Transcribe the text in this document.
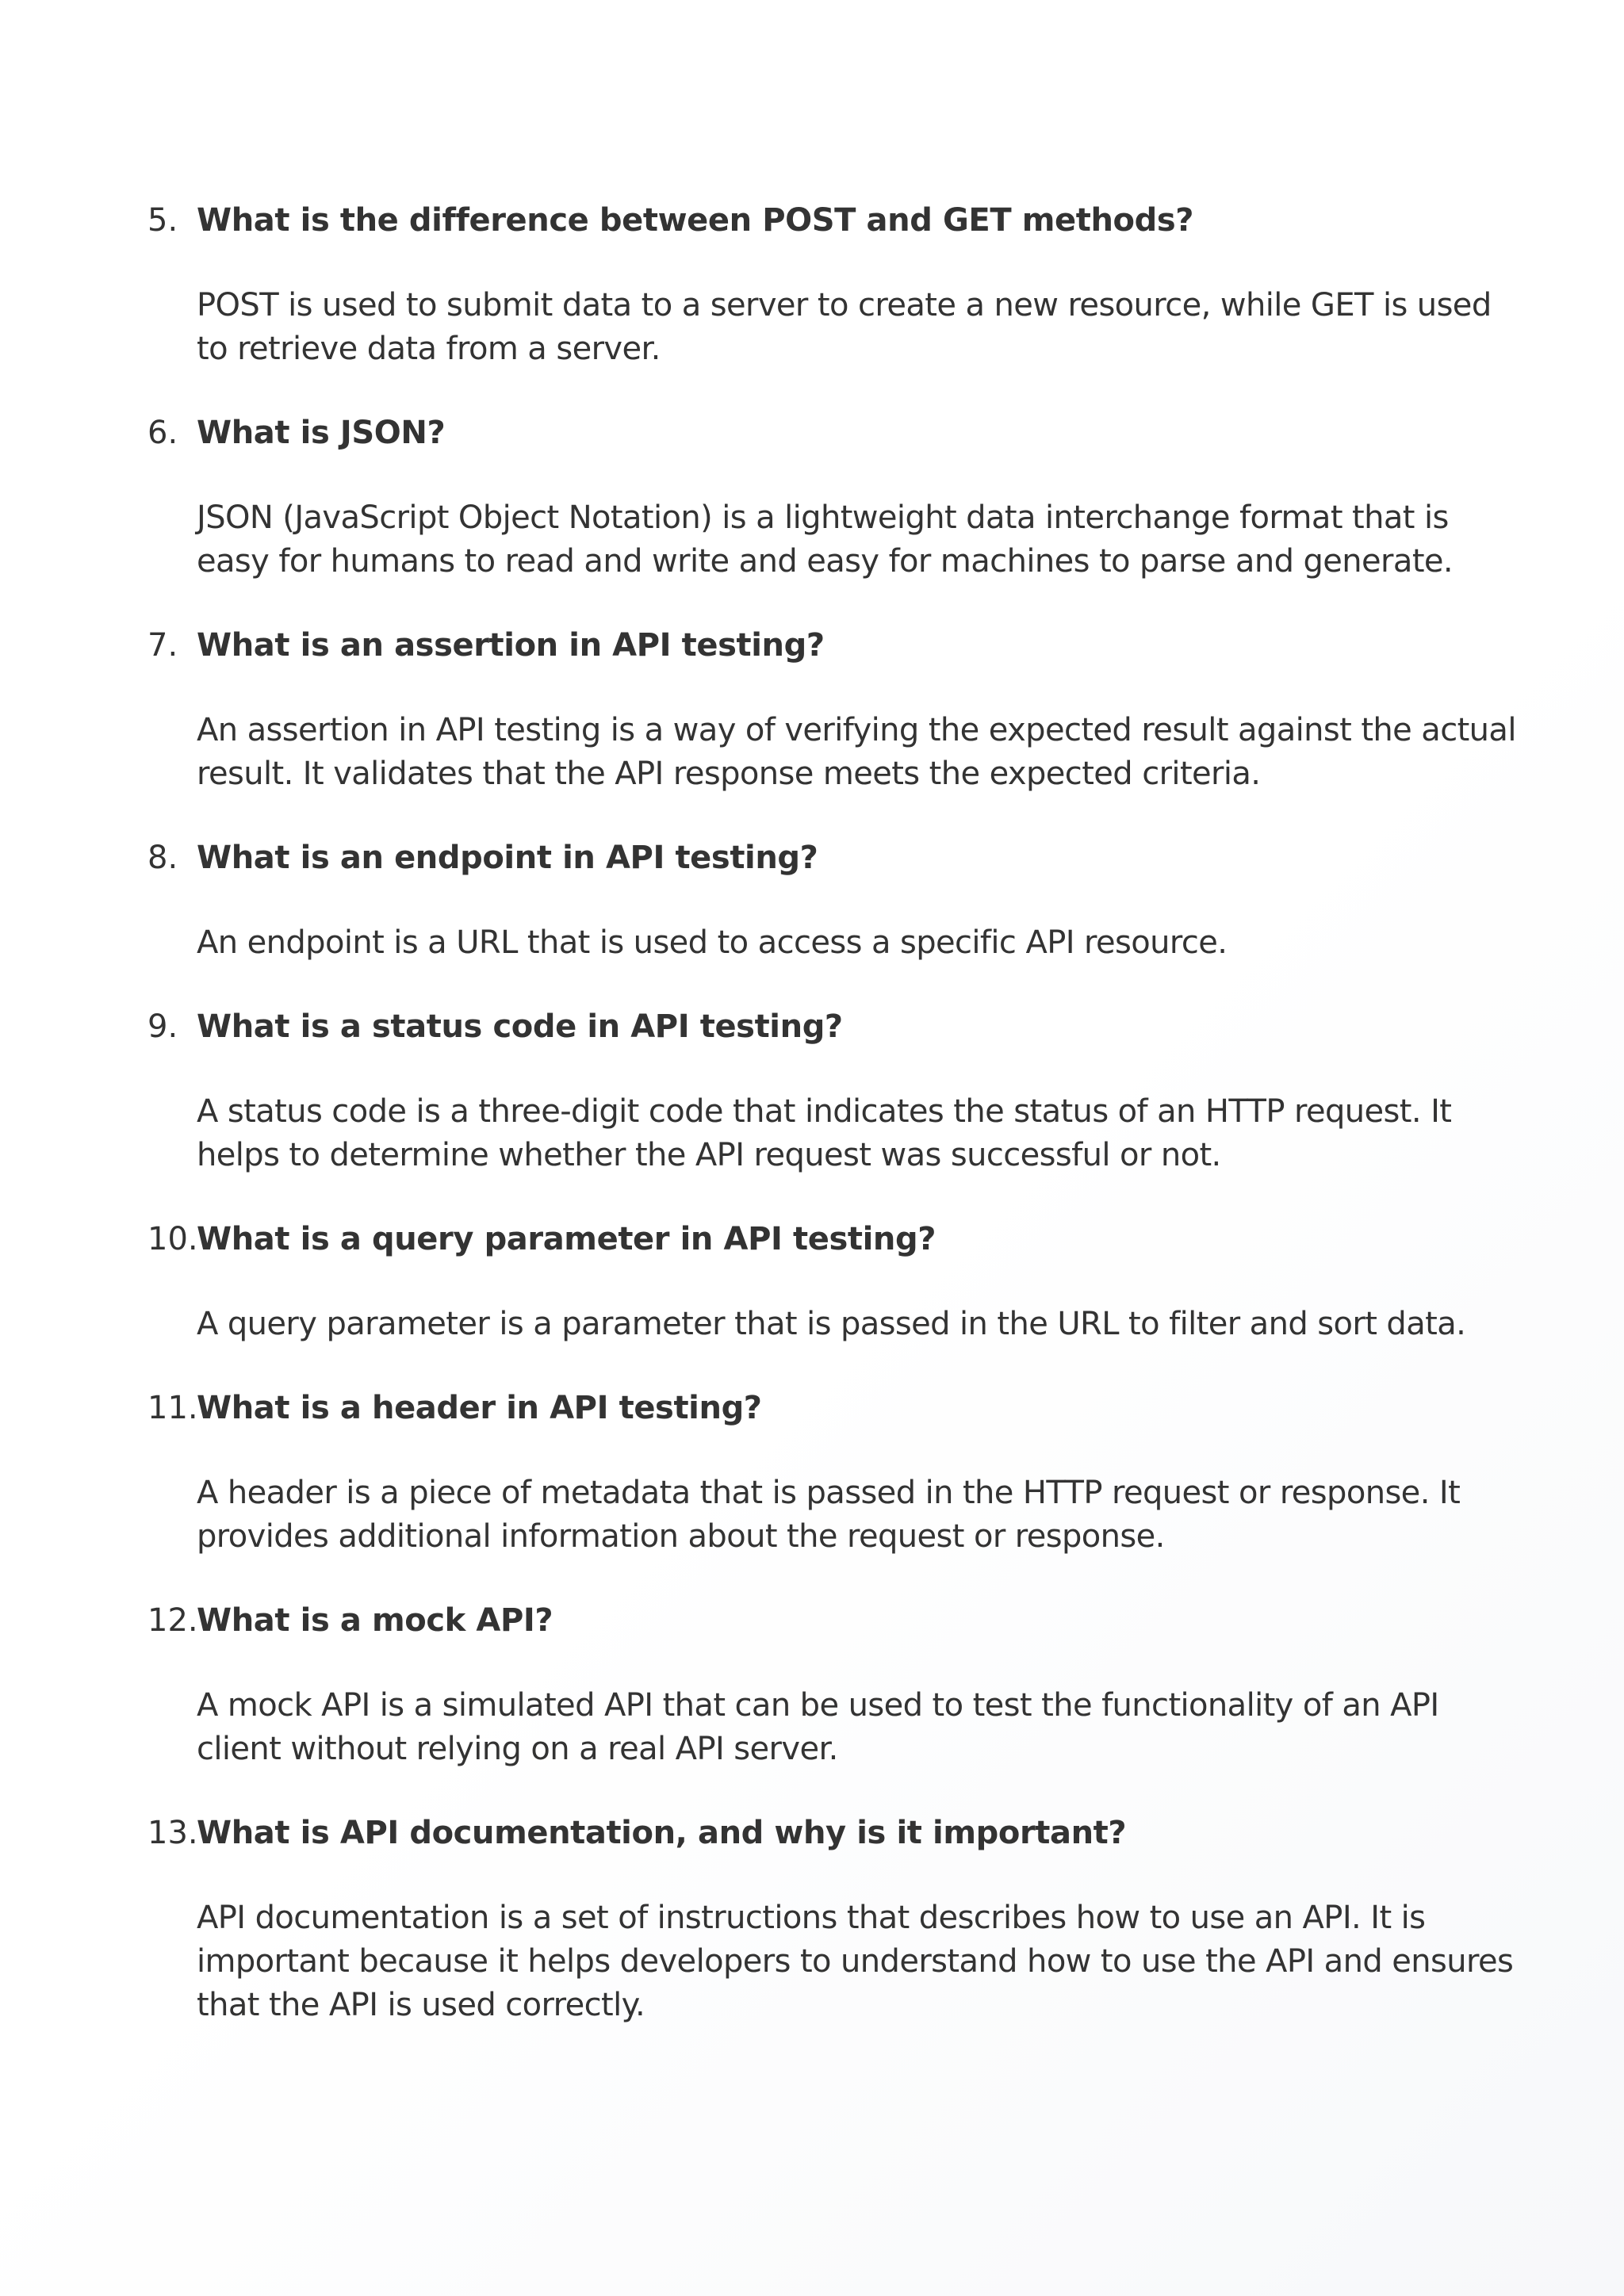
5. What is the difference between POST and GET methods?
POST is used to submit data to a server to create a new resource, while GET is used
to retrieve data from a server.
6. What is JSON?
JSON (JavaScript Object Notation) is a lightweight data interchange format that is
easy for humans to read and write and easy for machines to parse and generate.
7. What is an assertion in API testing?
An assertion in API testing is a way of verifying the expected result against the actual
result. It validates that the API response meets the expected criteria.
8. What is an endpoint in API testing?
An endpoint is a URL that is used to access a specific API resource.
9. What is a status code in API testing?
A status code is a three-digit code that indicates the status of an HTTP request. It
helps to determine whether the API request was successful or not.
10.
What is a query parameter in API testing?
A query parameter is a parameter that is passed in the URL to filter and sort data.
11.
What is a header in API testing?
A header is a piece of metadata that is passed in the HTTP request or response. It
provides additional information about the request or response.
12.
What is a mock API?
A mock API is a simulated API that can be used to test the functionality of an API
client without relying on a real API server.
13.
What is API documentation, and why is it important?
API documentation is a set of instructions that describes how to use an API. It is
important because it helps developers to understand how to use the API and ensures
that the API is used correctly.
